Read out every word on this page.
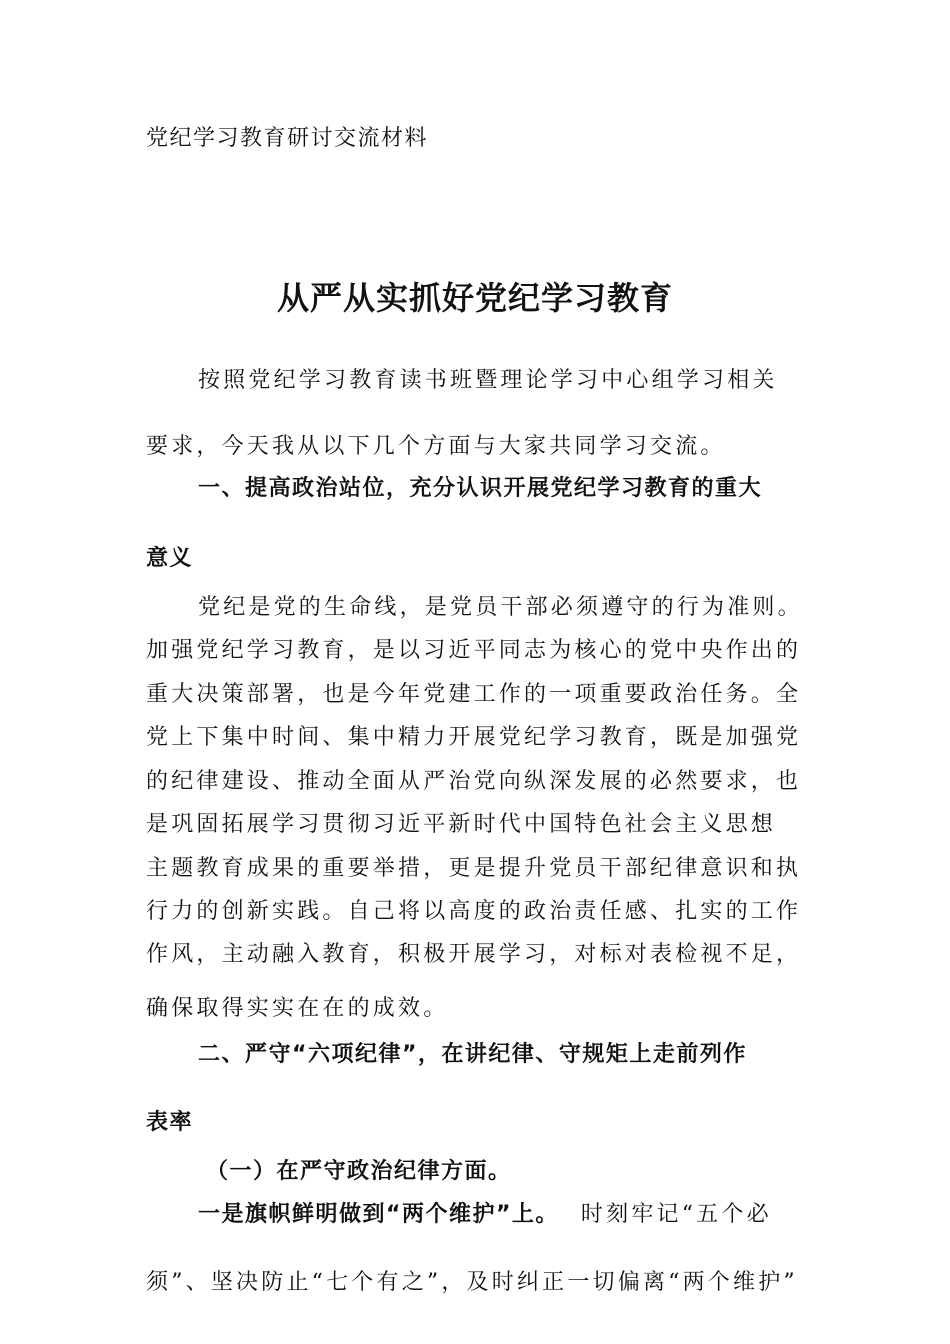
党纪学习教育研讨交流材料
从严从实抓好党纪学习教育
按照党纪学习教育读书班暨理论学习中心组学习相关
要求，今天我从以下几个方面与大家共同学习交流。
一、提高政治站位，充分认识开展党纪学习教育的重大
意义
党纪是党的生命线，是党员干部必须遵守的行为准则。
加强党纪学习教育，是以习近平同志为核心的党中央作出的
重大决策部署，也是今年党建工作的一项重要政治任务。全
党上下集中时间、集中精力开展党纪学习教育，既是加强党
的纪律建设、推动全面从严治党向纵深发展的必然要求，也
是巩固拓展学习贯彻习近平新时代中国特色社会主义思想
主题教育成果的重要举措，更是提升党员干部纪律意识和执
行力的创新实践。自己将以高度的政治责任感、扎实的工作
作风，主动融入教育，积极开展学习，对标对表检视不足，
确保取得实实在在的成效。
二、严守“六项纪律”，在讲纪律、守规矩上走前列作
表率
（一）在严守政治纪律方面。
一是旗帜鲜明做到“两个维护”上。 时刻牢记“五个必
须”、坚决防止“七个有之”，及时纠正一切偏离“两个维护”
